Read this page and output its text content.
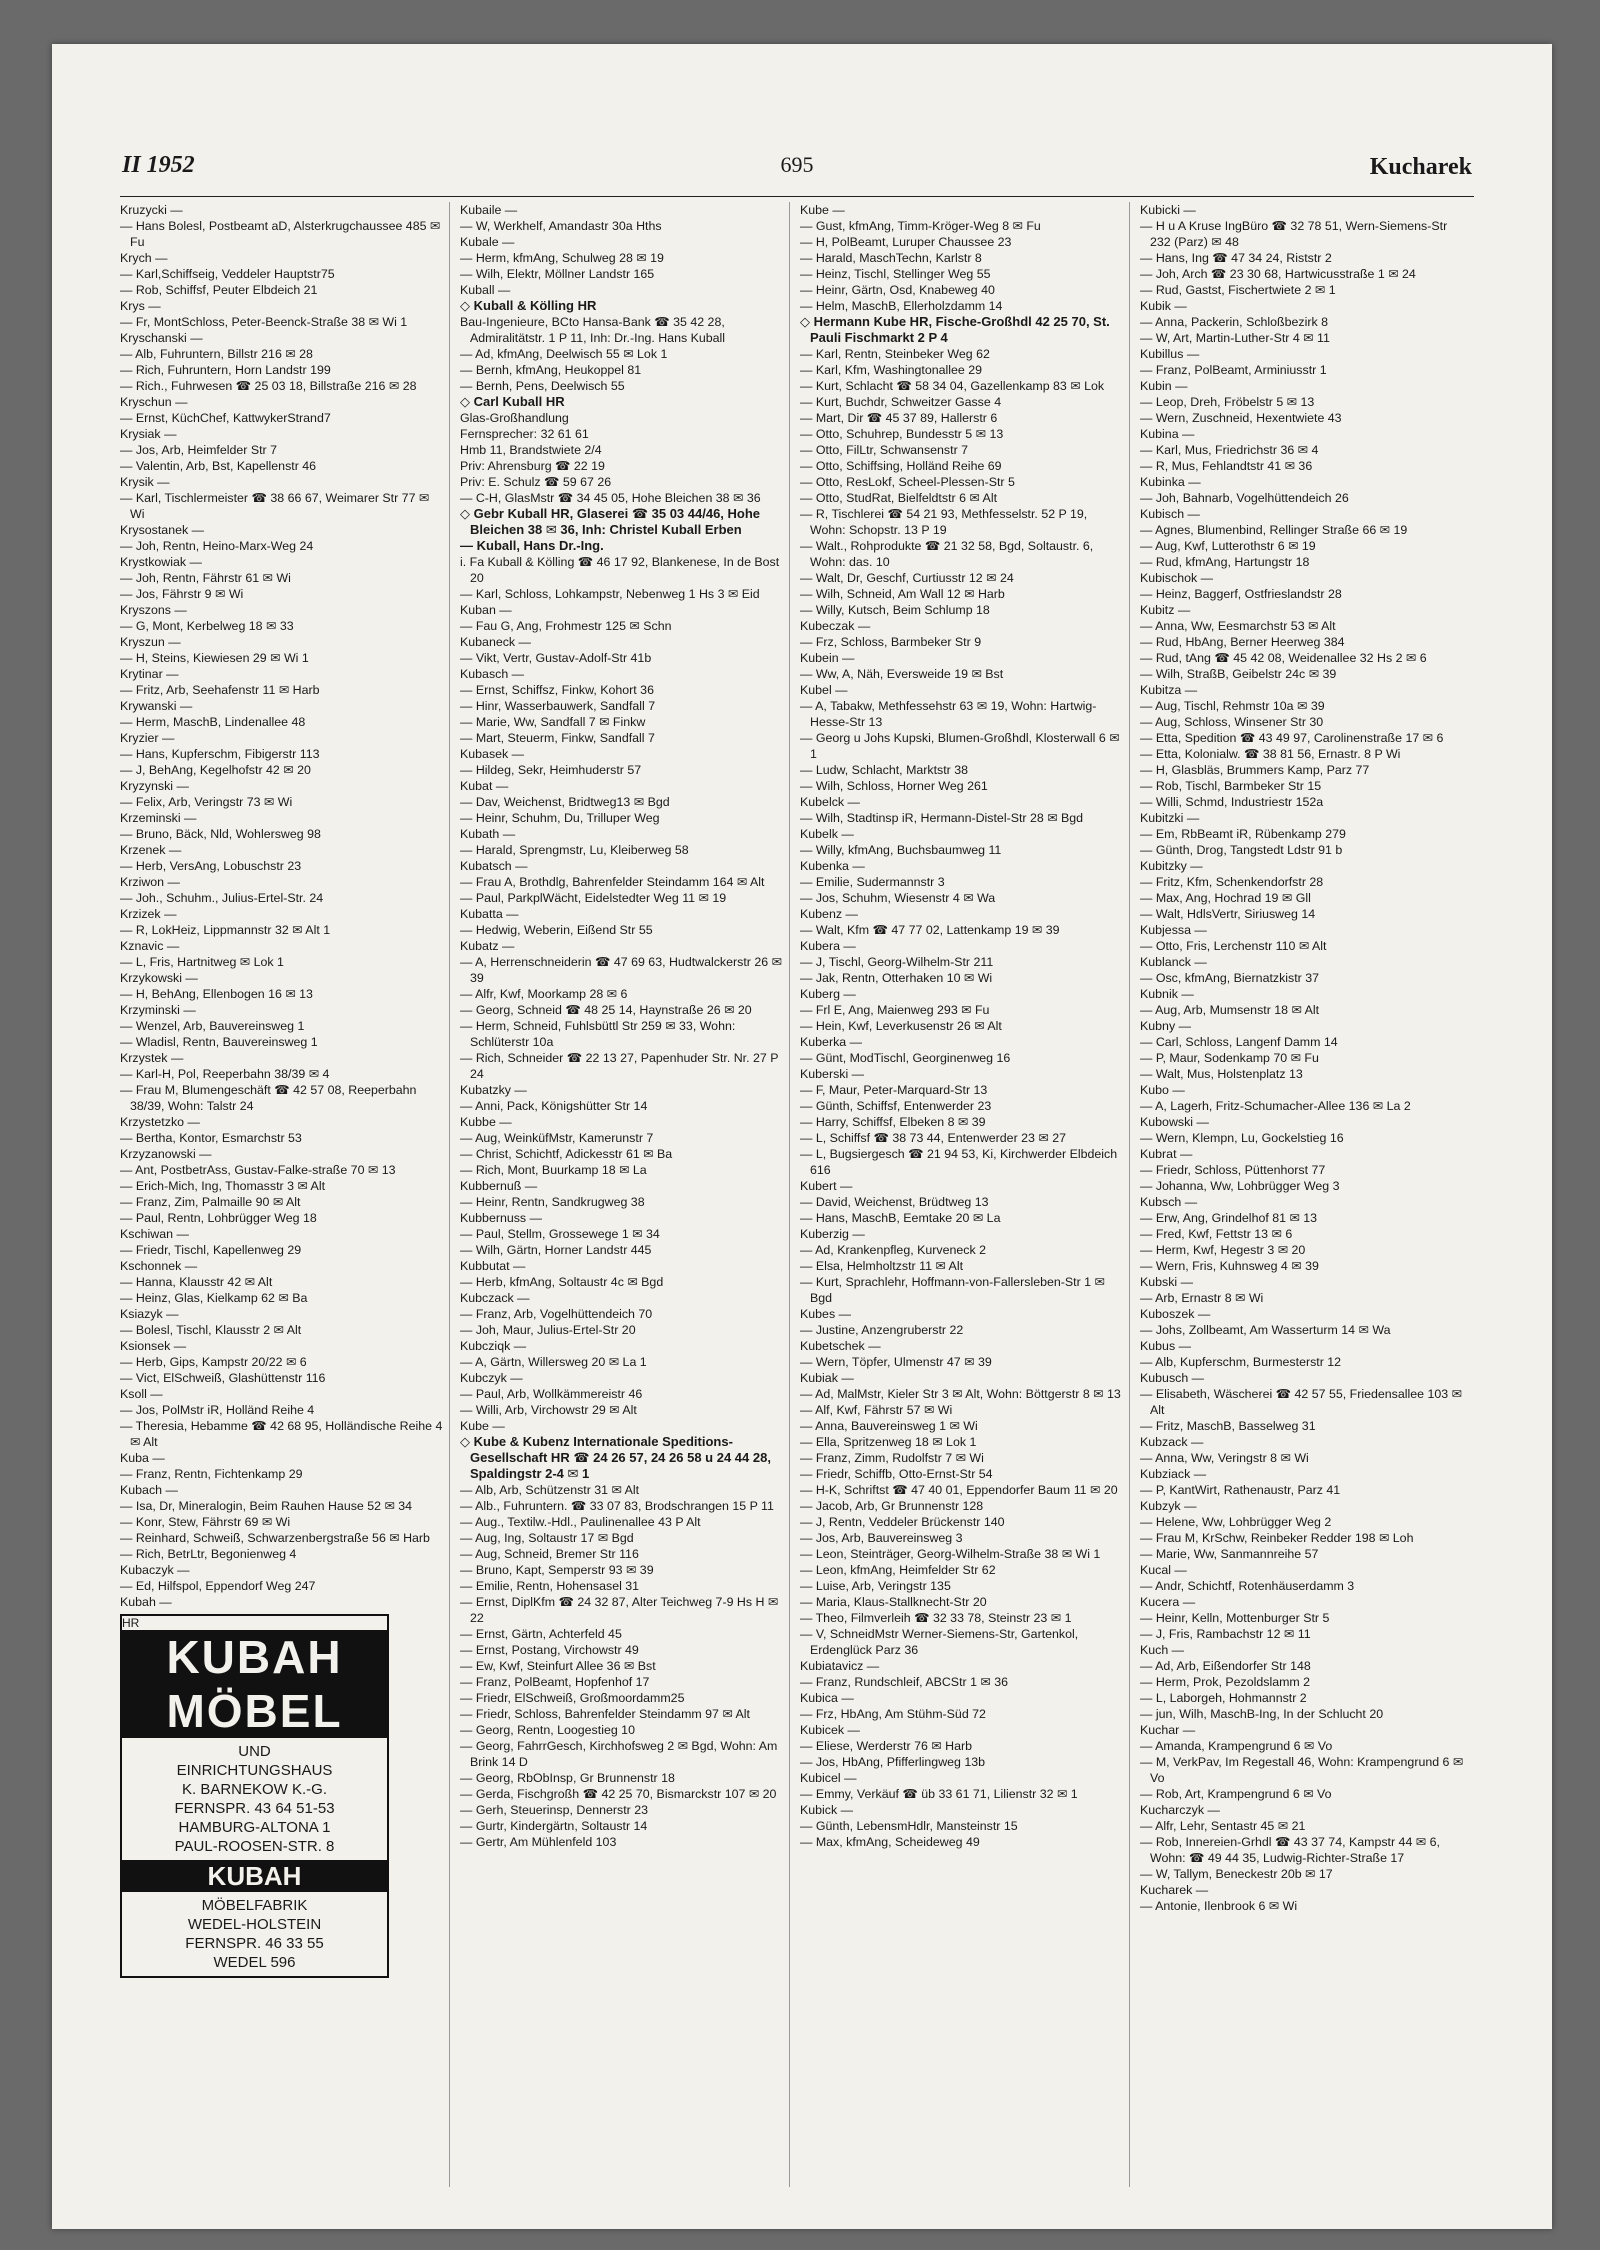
II 1952	695	Kucharek

Kruzycki —

— Hans Bolesl, Postbeamt aD, Alsterkrugchaussee 485 ✉ Fu

Krych —

— Karl,Schiffseig, Veddeler Hauptstr75

— Rob, Schiffsf, Peuter Elbdeich 21

Krys —

— Fr, MontSchloss, Peter-Beenck-Straße 38 ✉ Wi 1

Kryschanski —

— Alb, Fuhruntern, Billstr 216 ✉ 28

— Rich, Fuhruntern, Horn Landstr 199

— Rich., Fuhrwesen ☎ 25 03 18, Billstraße 216 ✉ 28

Kryschun —

— Ernst, KüchChef, KattwykerStrand7

Krysiak —

— Jos, Arb, Heimfelder Str 7

— Valentin, Arb, Bst, Kapellenstr 46

Krysik —

— Karl, Tischlermeister ☎ 38 66 67, Weimarer Str 77 ✉ Wi

Krysostanek —

— Joh, Rentn, Heino-Marx-Weg 24

Krystkowiak —

— Joh, Rentn, Fährstr 61 ✉ Wi

— Jos, Fährstr 9 ✉ Wi

Kryszons —

— G, Mont, Kerbelweg 18 ✉ 33

Kryszun —

— H, Steins, Kiewiesen 29 ✉ Wi 1

Krytinar —

— Fritz, Arb, Seehafenstr 11 ✉ Harb

Krywanski —

— Herm, MaschB, Lindenallee 48

Kryzier —

— Hans, Kupferschm, Fibigerstr 113

— J, BehAng, Kegelhofstr 42 ✉ 20

Kryzynski —

— Felix, Arb, Veringstr 73 ✉ Wi

Krzeminski —

— Bruno, Bäck, Nld, Wohlersweg 98

Krzenek —

— Herb, VersAng, Lobuschstr 23

Krziwon —

— Joh., Schuhm., Julius-Ertel-Str. 24

Krzizek —

— R, LokHeiz, Lippmannstr 32 ✉ Alt 1

Kznavic —

— L, Fris, Hartnitweg ✉ Lok 1

Krzykowski —

— H, BehAng, Ellenbogen 16 ✉ 13

Krzyminski —

— Wenzel, Arb, Bauvereinsweg 1

— Wladisl, Rentn, Bauvereinsweg 1

Krzystek —

— Karl-H, Pol, Reeperbahn 38/39 ✉ 4

— Frau M, Blumengeschäft ☎ 42 57 08, Reeperbahn 38/39, Wohn: Talstr 24

Krzystetzko —

— Bertha, Kontor, Esmarchstr 53

Krzyzanowski —

— Ant, PostbetrAss, Gustav-Falke-straße 70 ✉ 13

— Erich-Mich, Ing, Thomasstr 3 ✉ Alt

— Franz, Zim, Palmaille 90 ✉ Alt

— Paul, Rentn, Lohbrügger Weg 18

Kschiwan —

— Friedr, Tischl, Kapellenweg 29

Kschonnek —

— Hanna, Klausstr 42 ✉ Alt

— Heinz, Glas, Kielkamp 62 ✉ Ba

Ksiazyk —

— Bolesl, Tischl, Klausstr 2 ✉ Alt

Ksionsek —

— Herb, Gips, Kampstr 20/22 ✉ 6

— Vict, ElSchweiß, Glashüttenstr 116

Ksoll —

— Jos, PolMstr iR, Holländ Reihe 4

— Theresia, Hebamme ☎ 42 68 95, Holländische Reihe 4 ✉ Alt

Kuba —

— Franz, Rentn, Fichtenkamp 29

Kubach —

— Isa, Dr, Mineralogin, Beim Rauhen Hause 52 ✉ 34

— Konr, Stew, Fährstr 69 ✉ Wi

— Reinhard, Schweiß, Schwarzenbergstraße 56 ✉ Harb

— Rich, BetrLtr, Begonienweg 4

Kubaczyk —

— Ed, Hilfspol, Eppendorf Weg 247

Kubah —

HR
KUBAH
MÖBEL
UND
EINRICHTUNGSHAUS
K. BARNEKOW K.-G.
FERNSPR. 43 64 51-53
HAMBURG-ALTONA 1
PAUL-ROOSEN-STR. 8
KUBAH
MÖBELFABRIK
WEDEL-HOLSTEIN
FERNSPR. 46 33 55
WEDEL 596

Kubaile —

— W, Werkhelf, Amandastr 30a Hths

Kubale —

— Herm, kfmAng, Schulweg 28 ✉ 19

— Wilh, Elektr, Möllner Landstr 165

Kuball —

◇ Kuball & Kölling HR

Bau-Ingenieure, BCto Hansa-Bank ☎ 35 42 28, Admiralitätstr. 1 P 11, Inh: Dr.-Ing. Hans Kuball

— Ad, kfmAng, Deelwisch 55 ✉ Lok 1

— Bernh, kfmAng, Heukoppel 81

— Bernh, Pens, Deelwisch 55

◇ Carl Kuball HR

Glas-Großhandlung

Fernsprecher: 32 61 61

Hmb 11, Brandstwiete 2/4

Priv: Ahrensburg ☎ 22 19

Priv: E. Schulz ☎ 59 67 26

— C-H, GlasMstr ☎ 34 45 05, Hohe Bleichen 38 ✉ 36

◇ Gebr Kuball HR, Glaserei ☎ 35 03 44/46, Hohe Bleichen 38 ✉ 36, Inh: Christel Kuball Erben

— Kuball, Hans Dr.-Ing.

i. Fa Kuball & Kölling ☎ 46 17 92, Blankenese, In de Bost 20

— Karl, Schloss, Lohkampstr, Nebenweg 1 Hs 3 ✉ Eid

Kuban —

— Fau G, Ang, Frohmestr 125 ✉ Schn

Kubaneck —

— Vikt, Vertr, Gustav-Adolf-Str 41b

Kubasch —

— Ernst, Schiffsz, Finkw, Kohort 36

— Hinr, Wasserbauwerk, Sandfall 7

— Marie, Ww, Sandfall 7 ✉ Finkw

— Mart, Steuerm, Finkw, Sandfall 7

Kubasek —

— Hildeg, Sekr, Heimhuderstr 57

Kubat —

— Dav, Weichenst, Bridtweg13 ✉ Bgd

— Heinr, Schuhm, Du, Trilluper Weg

Kubath —

— Harald, Sprengmstr, Lu, Kleiberweg 58

Kubatsch —

— Frau A, Brothdlg, Bahrenfelder Steindamm 164 ✉ Alt

— Paul, ParkplWächt, Eidelstedter Weg 11 ✉ 19

Kubatta —

— Hedwig, Weberin, Eißend Str 55

Kubatz —

— A, Herrenschneiderin ☎ 47 69 63, Hudtwalckerstr 26 ✉ 39

— Alfr, Kwf, Moorkamp 28 ✉ 6

— Georg, Schneid ☎ 48 25 14, Haynstraße 26 ✉ 20

— Herm, Schneid, Fuhlsbüttl Str 259 ✉ 33, Wohn: Schlüterstr 10a

— Rich, Schneider ☎ 22 13 27, Papenhuder Str. Nr. 27 P 24

Kubatzky —

— Anni, Pack, Königshütter Str 14

Kubbe —

— Aug, WeinküfMstr, Kamerunstr 7

— Christ, Schichtf, Adickesstr 61 ✉ Ba

— Rich, Mont, Buurkamp 18 ✉ La

Kubbernuß —

— Heinr, Rentn, Sandkrugweg 38

Kubbernuss —

— Paul, Stellm, Grossewege 1 ✉ 34

— Wilh, Gärtn, Horner Landstr 445

Kubbutat —

— Herb, kfmAng, Soltaustr 4c ✉ Bgd

Kubczack —

— Franz, Arb, Vogelhüttendeich 70

— Joh, Maur, Julius-Ertel-Str 20

Kubcziqk —

— A, Gärtn, Willersweg 20 ✉ La 1

Kubczyk —

— Paul, Arb, Wollkämmereistr 46

— Willi, Arb, Virchowstr 29 ✉ Alt

Kube —

◇ Kube & Kubenz Internationale Speditions-Gesellschaft HR ☎ 24 26 57, 24 26 58 u 24 44 28, Spaldingstr 2-4 ✉ 1

— Alb, Arb, Schützenstr 31 ✉ Alt

— Alb., Fuhruntern. ☎ 33 07 83, Brodschrangen 15 P 11

— Aug., Textilw.-Hdl., Paulinenallee 43 P Alt

— Aug, Ing, Soltaustr 17 ✉ Bgd

— Aug, Schneid, Bremer Str 116

— Bruno, Kapt, Semperstr 93 ✉ 39

— Emilie, Rentn, Hohensasel 31

— Ernst, DiplKfm ☎ 24 32 87, Alter Teichweg 7-9 Hs H ✉ 22

— Ernst, Gärtn, Achterfeld 45

— Ernst, Postang, Virchowstr 49

— Ew, Kwf, Steinfurt Allee 36 ✉ Bst

— Franz, PolBeamt, Hopfenhof 17

— Friedr, ElSchweiß, Großmoordamm25

— Friedr, Schloss, Bahrenfelder Steindamm 97 ✉ Alt

— Georg, Rentn, Loogestieg 10

— Georg, FahrrGesch, Kirchhofsweg 2 ✉ Bgd, Wohn: Am Brink 14 D

— Georg, RbObInsp, Gr Brunnenstr 18

— Gerda, Fischgroßh ☎ 42 25 70, Bismarckstr 107 ✉ 20

— Gerh, Steuerinsp, Dennerstr 23

— Gurtr, Kindergärtn, Soltaustr 14

— Gertr, Am Mühlenfeld 103

Kube —

— Gust, kfmAng, Timm-Kröger-Weg 8 ✉ Fu

— H, PolBeamt, Luruper Chaussee 23

— Harald, MaschTechn, Karlstr 8

— Heinz, Tischl, Stellinger Weg 55

— Heinr, Gärtn, Osd, Knabeweg 40

— Helm, MaschB, Ellerholzdamm 14

◇ Hermann Kube HR, Fische-Großhdl 42 25 70, St. Pauli Fischmarkt 2 P 4

— Karl, Rentn, Steinbeker Weg 62

— Karl, Kfm, Washingtonallee 29

— Kurt, Schlacht ☎ 58 34 04, Gazellenkamp 83 ✉ Lok

— Kurt, Buchdr, Schweitzer Gasse 4

— Mart, Dir ☎ 45 37 89, Hallerstr 6

— Otto, Schuhrep, Bundesstr 5 ✉ 13

— Otto, FilLtr, Schwansenstr 7

— Otto, Schiffsing, Holländ Reihe 69

— Otto, ResLokf, Scheel-Plessen-Str 5

— Otto, StudRat, Bielfeldtstr 6 ✉ Alt

— R, Tischlerei ☎ 54 21 93, Methfesselstr. 52 P 19, Wohn: Schopstr. 13 P 19

— Walt., Rohprodukte ☎ 21 32 58, Bgd, Soltaustr. 6, Wohn: das. 10

— Walt, Dr, Geschf, Curtiusstr 12 ✉ 24

— Wilh, Schneid, Am Wall 12 ✉ Harb

— Willy, Kutsch, Beim Schlump 18

Kubeczak —

— Frz, Schloss, Barmbeker Str 9

Kubein —

— Ww, A, Näh, Eversweide 19 ✉ Bst

Kubel —

— A, Tabakw, Methfessehstr 63 ✉ 19, Wohn: Hartwig-Hesse-Str 13

— Georg u Johs Kupski, Blumen-Großhdl, Klosterwall 6 ✉ 1

— Ludw, Schlacht, Marktstr 38

— Wilh, Schloss, Horner Weg 261

Kubelck —

— Wilh, Stadtinsp iR, Hermann-Distel-Str 28 ✉ Bgd

Kubelk —

— Willy, kfmAng, Buchsbaumweg 11

Kubenka —

— Emilie, Sudermannstr 3

— Jos, Schuhm, Wiesenstr 4 ✉ Wa

Kubenz —

— Walt, Kfm ☎ 47 77 02, Lattenkamp 19 ✉ 39

Kubera —

— J, Tischl, Georg-Wilhelm-Str 211

— Jak, Rentn, Otterhaken 10 ✉ Wi

Kuberg —

— Frl E, Ang, Maienweg 293 ✉ Fu

— Hein, Kwf, Leverkusenstr 26 ✉ Alt

Kuberka —

— Günt, ModTischl, Georginenweg 16

Kuberski —

— F, Maur, Peter-Marquard-Str 13

— Günth, Schiffsf, Entenwerder 23

— Harry, Schiffsf, Elbeken 8 ✉ 39

— L, Schiffsf ☎ 38 73 44, Entenwerder 23 ✉ 27

— L, Bugsiergesch ☎ 21 94 53, Ki, Kirchwerder Elbdeich 616

Kubert —

— David, Weichenst, Brüdtweg 13

— Hans, MaschB, Eemtake 20 ✉ La

Kuberzig —

— Ad, Krankenpfleg, Kurveneck 2

— Elsa, Helmholtzstr 11 ✉ Alt

— Kurt, Sprachlehr, Hoffmann-von-Fallersleben-Str 1 ✉ Bgd

Kubes —

— Justine, Anzengruberstr 22

Kubetschek —

— Wern, Töpfer, Ulmenstr 47 ✉ 39

Kubiak —

— Ad, MalMstr, Kieler Str 3 ✉ Alt, Wohn: Böttgerstr 8 ✉ 13

— Alf, Kwf, Fährstr 57 ✉ Wi

— Anna, Bauvereinsweg 1 ✉ Wi

— Ella, Spritzenweg 18 ✉ Lok 1

— Franz, Zimm, Rudolfstr 7 ✉ Wi

— Friedr, Schiffb, Otto-Ernst-Str 54

— H-K, Schriftst ☎ 47 40 01, Eppendorfer Baum 11 ✉ 20

— Jacob, Arb, Gr Brunnenstr 128

— J, Rentn, Veddeler Brückenstr 140

— Jos, Arb, Bauvereinsweg 3

— Leon, Steinträger, Georg-Wilhelm-Straße 38 ✉ Wi 1

— Leon, kfmAng, Heimfelder Str 62

— Luise, Arb, Veringstr 135

— Maria, Klaus-Stallknecht-Str 20

— Theo, Filmverleih ☎ 32 33 78, Steinstr 23 ✉ 1

— V, SchneidMstr Werner-Siemens-Str, Gartenkol, Erdenglück Parz 36

Kubiatavicz —

— Franz, Rundschleif, ABCStr 1 ✉ 36

Kubica —

— Frz, HbAng, Am Stühm-Süd 72

Kubicek —

— Eliese, Werderstr 76 ✉ Harb

— Jos, HbAng, Pfifferlingweg 13b

Kubicel —

— Emmy, Verkäuf ☎ üb 33 61 71, Lilienstr 32 ✉ 1

Kubick —

— Günth, LebensmHdlr, Mansteinstr 15

— Max, kfmAng, Scheideweg 49

Kubicki —

— H u A Kruse IngBüro ☎ 32 78 51, Wern-Siemens-Str 232 (Parz) ✉ 48

— Hans, Ing ☎ 47 34 24, Riststr 2

— Joh, Arch ☎ 23 30 68, Hartwicusstraße 1 ✉ 24

— Rud, Gastst, Fischertwiete 2 ✉ 1

Kubik —

— Anna, Packerin, Schloßbezirk 8

— W, Art, Martin-Luther-Str 4 ✉ 11

Kubillus —

— Franz, PolBeamt, Arminiusstr 1

Kubin —

— Leop, Dreh, Fröbelstr 5 ✉ 13

— Wern, Zuschneid, Hexentwiete 43

Kubina —

— Karl, Mus, Friedrichstr 36 ✉ 4

— R, Mus, Fehlandtstr 41 ✉ 36

Kubinka —

— Joh, Bahnarb, Vogelhüttendeich 26

Kubisch —

— Agnes, Blumenbind, Rellinger Straße 66 ✉ 19

— Aug, Kwf, Lutterothstr 6 ✉ 19

— Rud, kfmAng, Hartungstr 18

Kubischok —

— Heinz, Baggerf, Ostfrieslandstr 28

Kubitz —

— Anna, Ww, Eesmarchstr 53 ✉ Alt

— Rud, HbAng, Berner Heerweg 384

— Rud, tAng ☎ 45 42 08, Weidenallee 32 Hs 2 ✉ 6

— Wilh, StraßB, Geibelstr 24c ✉ 39

Kubitza —

— Aug, Tischl, Rehmstr 10a ✉ 39

— Aug, Schloss, Winsener Str 30

— Etta, Spedition ☎ 43 49 97, Carolinenstraße 17 ✉ 6

— Etta, Kolonialw. ☎ 38 81 56, Ernastr. 8 P Wi

— H, Glasbläs, Brummers Kamp, Parz 77

— Rob, Tischl, Barmbeker Str 15

— Willi, Schmd, Industriestr 152a

Kubitzki —

— Em, RbBeamt iR, Rübenkamp 279

— Günth, Drog, Tangstedt Ldstr 91 b

Kubitzky —

— Fritz, Kfm, Schenkendorfstr 28

— Max, Ang, Hochrad 19 ✉ Gll

— Walt, HdlsVertr, Siriusweg 14

Kubjessa —

— Otto, Fris, Lerchenstr 110 ✉ Alt

Kublanck —

— Osc, kfmAng, Biernatzkistr 37

Kubnik —

— Aug, Arb, Mumsenstr 18 ✉ Alt

Kubny —

— Carl, Schloss, Langenf Damm 14

— P, Maur, Sodenkamp 70 ✉ Fu

— Walt, Mus, Holstenplatz 13

Kubo —

— A, Lagerh, Fritz-Schumacher-Allee 136 ✉ La 2

Kubowski —

— Wern, Klempn, Lu, Gockelstieg 16

Kubrat —

— Friedr, Schloss, Püttenhorst 77

— Johanna, Ww, Lohbrügger Weg 3

Kubsch —

— Erw, Ang, Grindelhof 81 ✉ 13

— Fred, Kwf, Fettstr 13 ✉ 6

— Herm, Kwf, Hegestr 3 ✉ 20

— Wern, Fris, Kuhnsweg 4 ✉ 39

Kubski —

— Arb, Ernastr 8 ✉ Wi

Kuboszek —

— Johs, Zollbeamt, Am Wasserturm 14 ✉ Wa

Kubus —

— Alb, Kupferschm, Burmesterstr 12

Kubusch —

— Elisabeth, Wäscherei ☎ 42 57 55, Friedensallee 103 ✉ Alt

— Fritz, MaschB, Basselweg 31

Kubzack —

— Anna, Ww, Veringstr 8 ✉ Wi

Kubziack —

— P, KantWirt, Rathenaustr, Parz 41

Kubzyk —

— Helene, Ww, Lohbrügger Weg 2

— Frau M, KrSchw, Reinbeker Redder 198 ✉ Loh

— Marie, Ww, Sanmannreihe 57

Kucal —

— Andr, Schichtf, Rotenhäuserdamm 3

Kucera —

— Heinr, Kelln, Mottenburger Str 5

— J, Fris, Rambachstr 12 ✉ 11

Kuch —

— Ad, Arb, Eißendorfer Str 148

— Herm, Prok, Pezoldslamm 2

— L, Laborgeh, Hohmannstr 2

— jun, Wilh, MaschB-Ing, In der Schlucht 20

Kuchar —

— Amanda, Krampengrund 6 ✉ Vo

— M, VerkPav, Im Regestall 46, Wohn: Krampengrund 6 ✉ Vo

— Rob, Art, Krampengrund 6 ✉ Vo

Kucharczyk —

— Alfr, Lehr, Sentastr 45 ✉ 21

— Rob, Innereien-Grhdl ☎ 43 37 74, Kampstr 44 ✉ 6, Wohn: ☎ 49 44 35, Ludwig-Richter-Straße 17

— W, Tallym, Beneckestr 20b ✉ 17

Kucharek —

— Antonie, Ilenbrook 6 ✉ Wi
